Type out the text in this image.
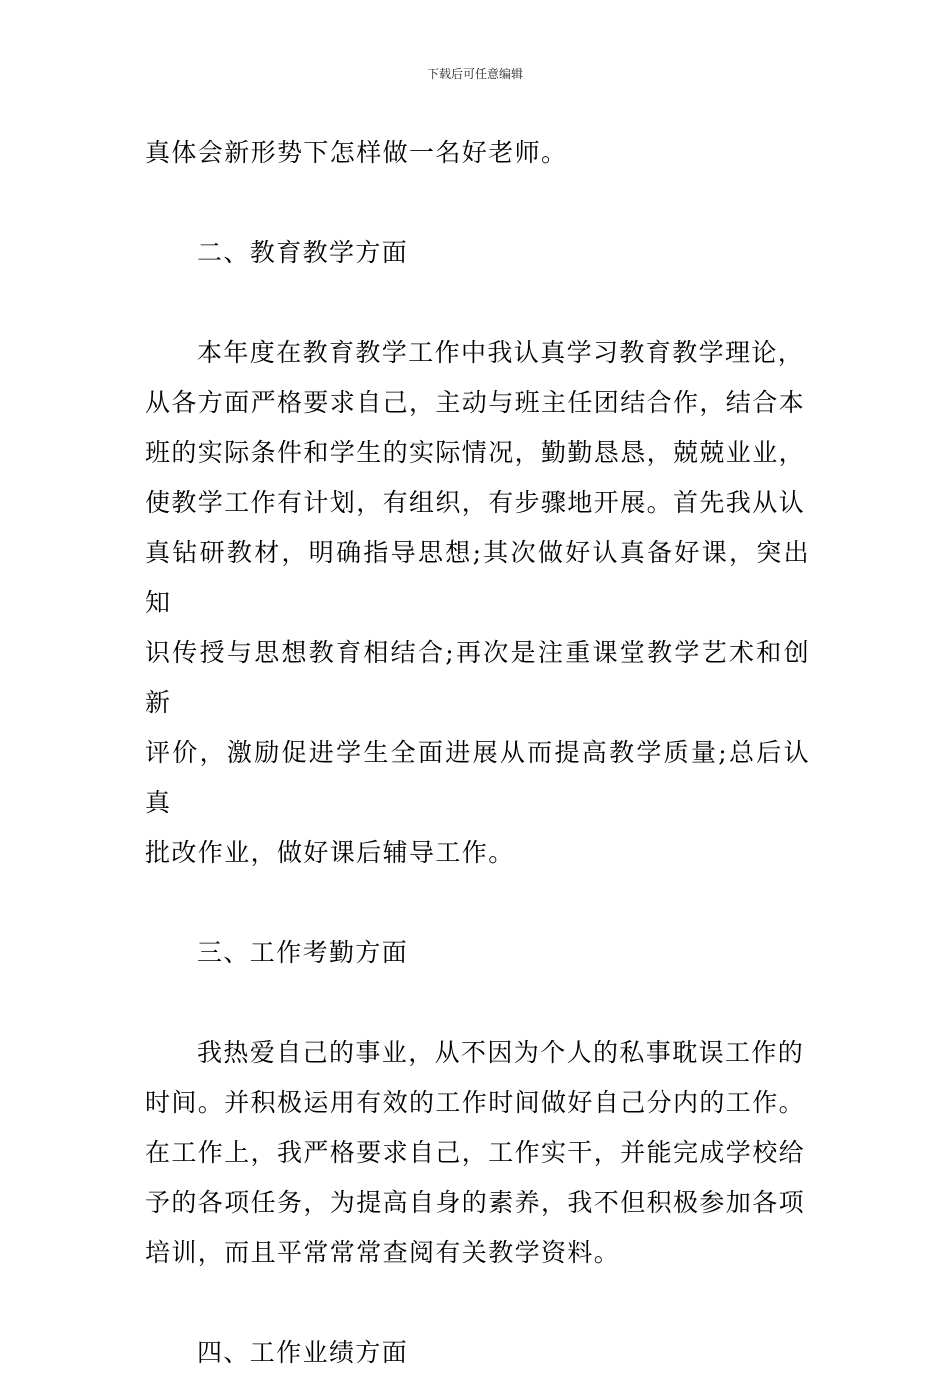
下载后可任意编辑

真体会新形势下怎样做一名好老师。

二、教育教学方面

本年度在教育教学工作中我认真学习教育教学理论，

从各方面严格要求自己，主动与班主任团结合作，结合本

班的实际条件和学生的实际情况，勤勤恳恳，兢兢业业，

使教学工作有计划，有组织，有步骤地开展。首先我从认

真钻研教材，明确指导思想;其次做好认真备好课，突出知

识传授与思想教育相结合;再次是注重课堂教学艺术和创新

评价，激励促进学生全面进展从而提高教学质量;总后认真

批改作业，做好课后辅导工作。

三、工作考勤方面

我热爱自己的事业，从不因为个人的私事耽误工作的

时间。并积极运用有效的工作时间做好自己分内的工作。

在工作上，我严格要求自己，工作实干，并能完成学校给

予的各项任务，为提高自身的素养，我不但积极参加各项

培训，而且平常常常查阅有关教学资料。

四、工作业绩方面
